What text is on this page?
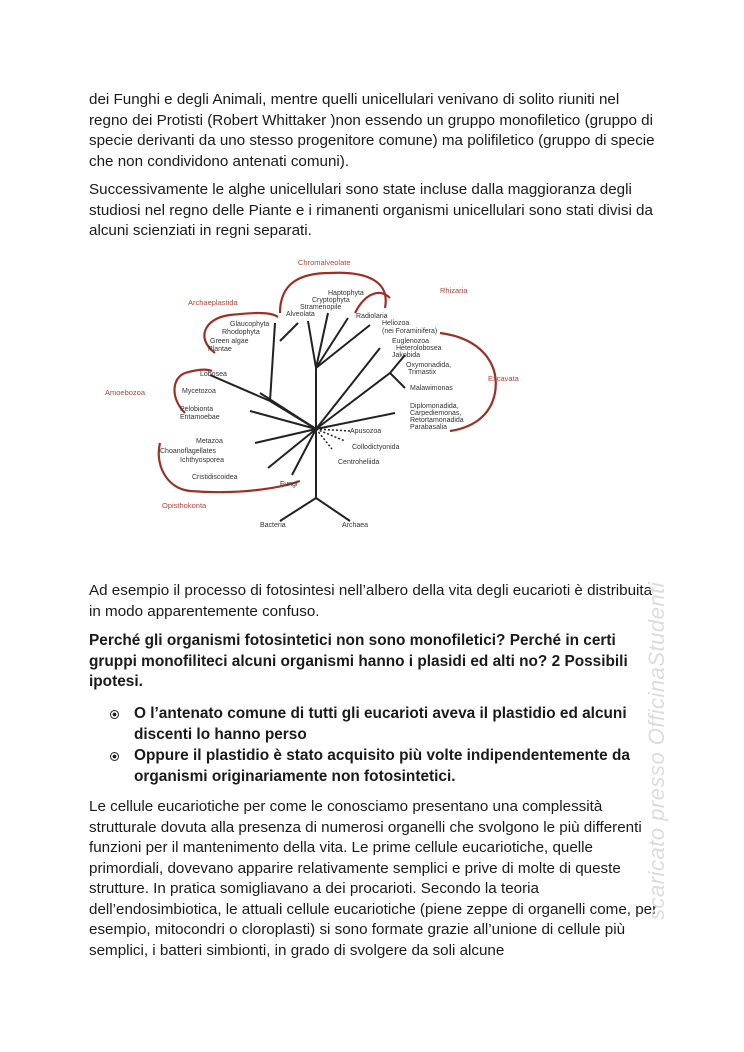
dei Funghi e degli Animali, mentre quelli unicellulari venivano di solito riuniti nel regno dei Protisti (Robert Whittaker )non essendo un gruppo monofiletico (gruppo di specie derivanti da uno stesso progenitore comune) ma polifiletico (gruppo di specie che non condividono antenati comuni).

Successivamente le alghe unicellulari sono state incluse dalla maggioranza degli studiosi nel regno delle Piante e i rimanenti organismi unicellulari sono stati divisi da alcuni scienziati in regni separati.

Chromalveolate
Archaeplastida
Rhizaria
Amoebozoa
Excavata
Opisthokonta
Haptophyta
Cryptophyta
Stramenopile
Alveolata	Radiolaria
Heliozoa
(nei Foraminifera)
Glaucophyta
Rhodophyta
Green algae
Plantae
Euglenozoa
Heterolobosea
Jakobida
Oxymonadida,
Trimastix
Malawimonas
Diplomonadida,
Carpediemonas,
Retortamonadida
Parabasalia
Lobosea
Mycetozoa
Pelobionta
Entamoebae
Metazoa
Choanoflagellates
Ichthyosporea
Cristidiscoidea
Fungi
Apusozoa
Collodictyonida
Centroheliida
Bacteria	Archaea

Ad esempio il processo di fotosintesi nell’albero della vita degli eucarioti è distribuita in modo apparentemente confuso.

Perché gli organismi fotosintetici non sono monofiletici? Perché in certi gruppi monofiliteci alcuni organismi hanno i plasidi ed alti no? 2 Possibili ipotesi.

O l’antenato comune di tutti gli eucarioti aveva il plastidio ed alcuni discenti lo hanno perso
Oppure il plastidio è stato acquisito più volte indipendentemente da organismi originariamente non fotosintetici.

Le cellule eucariotiche per come le conosciamo presentano una complessità strutturale dovuta alla presenza di numerosi organelli che svolgono le più differenti funzioni per il mantenimento della vita. Le prime cellule eucariotiche, quelle primordiali, dovevano apparire relativamente semplici e prive di molte di queste strutture. In pratica somigliavano a dei procarioti. Secondo la teoria dell’endosimbiotica, le attuali cellule eucariotiche (piene zeppe di organelli come, per esempio, mitocondri o cloroplasti) si sono formate grazie all’unione di cellule più semplici, i batteri simbionti, in grado di svolgere da soli alcune

scaricato presso OfficinaStudenti
